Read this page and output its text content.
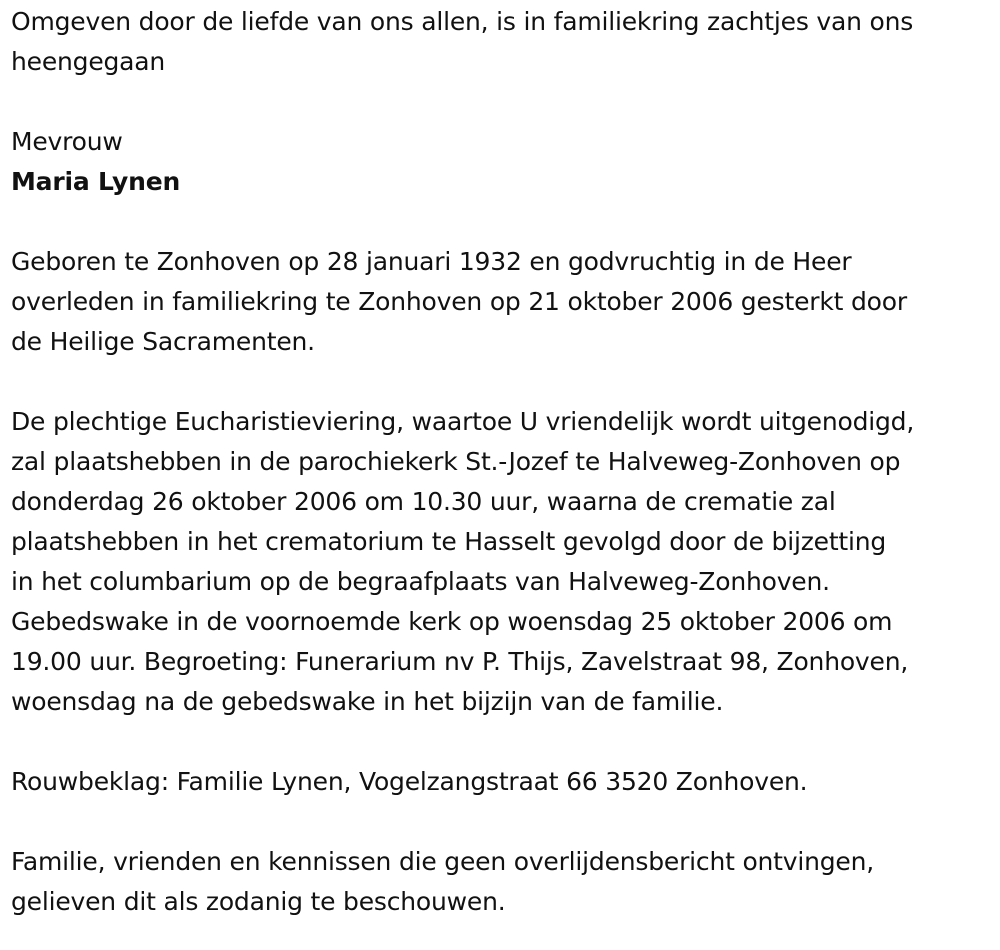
Omgeven door de liefde van ons allen, is in familiekring zachtjes van ons
heengegaan
Mevrouw
Maria Lynen
Geboren te Zonhoven op 28 januari 1932 en godvruchtig in de Heer
overleden in familiekring te Zonhoven op 21 oktober 2006 gesterkt door
de Heilige Sacramenten.
De plechtige Eucharistieviering, waartoe U vriendelijk wordt uitgenodigd,
zal plaatshebben in de parochiekerk St.-Jozef te Halveweg-Zonhoven op
donderdag 26 oktober 2006 om 10.30 uur, waarna de crematie zal
plaatshebben in het crematorium te Hasselt gevolgd door de bijzetting
in het columbarium op de begraafplaats van Halveweg-Zonhoven.
Gebedswake in de voornoemde kerk op woensdag 25 oktober 2006 om
19.00 uur. Begroeting: Funerarium nv P. Thijs, Zavelstraat 98, Zonhoven,
woensdag na de gebedswake in het bijzijn van de familie.
Rouwbeklag: Familie Lynen, Vogelzangstraat 66 3520 Zonhoven.
Familie, vrienden en kennissen die geen overlijdensbericht ontvingen,
gelieven dit als zodanig te beschouwen.
